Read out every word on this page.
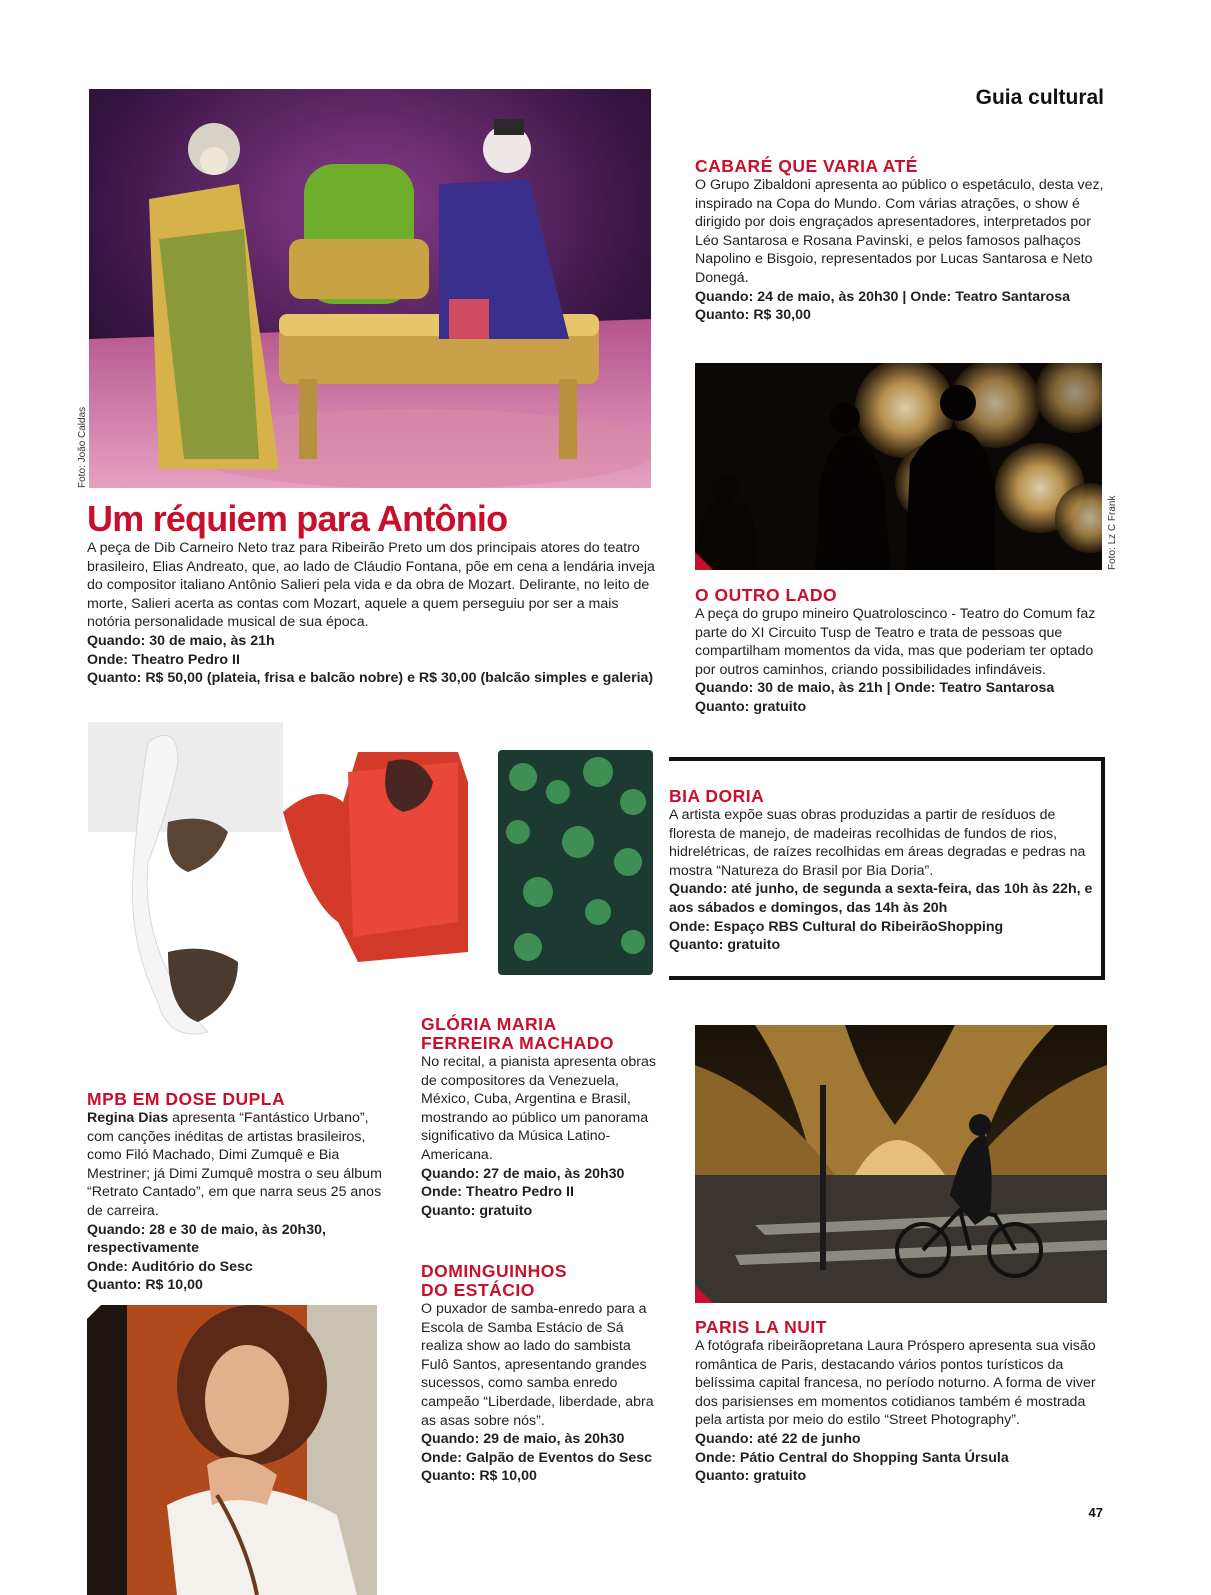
Guia cultural
Foto: João Caldas
Um réquiem para Antônio

A peça de Dib Carneiro Neto traz para Ribeirão Preto um dos principais atores do teatro brasileiro, Elias Andreato, que, ao lado de Cláudio Fontana, põe em cena a lendária inveja do compositor italiano Antônio Salieri pela vida e da obra de Mozart. Delirante, no leito de morte, Salieri acerta as contas com Mozart, aquele a quem perseguiu por ser a mais notória personalidade musical de sua época.

Quando: 30 de maio, às 21h

Onde: Theatro Pedro II

Quanto: R$ 50,00 (plateia, frisa e balcão nobre) e R$ 30,00 (balcão simples e galeria)

CABARÉ QUE VARIA ATÉ

O Grupo Zibaldoni apresenta ao público o espetáculo, desta vez, inspirado na Copa do Mundo. Com várias atrações, o show é dirigido por dois engraçados apresentadores, interpretados por Léo Santarosa e Rosana Pavinski, e pelos famosos palhaços Napolino e Bisgoio, representados por Lucas Santarosa e Neto Donegá.

Quando: 24 de maio, às 20h30 | Onde: Teatro Santarosa

Quanto: R$ 30,00

Foto: Lz C Frank

O OUTRO LADO

A peça do grupo mineiro Quatroloscinco - Teatro do Comum faz parte do XI Circuito Tusp de Teatro e trata de pessoas que compartilham momentos da vida, mas que poderiam ter optado por outros caminhos, criando possibilidades infindáveis.

Quando: 30 de maio, às 21h | Onde: Teatro Santarosa

Quanto: gratuito

BIA DORIA

A artista expõe suas obras produzidas a partir de resíduos de floresta de manejo, de madeiras recolhidas de fundos de rios, hidrelétricas, de raízes recolhidas em áreas degradas e pedras na mostra “Natureza do Brasil por Bia Doria”.

Quando: até junho, de segunda a sexta-feira, das 10h às 22h, e aos sábados e domingos, das 14h às 20h

Onde: Espaço RBS Cultural do RibeirãoShopping

Quanto: gratuito

MPB EM DOSE DUPLA

Regina Dias apresenta “Fantástico Urbano”, com canções inéditas de artistas brasileiros, como Filó Machado, Dimi Zumquê e Bia Mestriner; já Dimi Zumquê mostra o seu álbum “Retrato Cantado”, em que narra seus 25 anos de carreira.

Quando: 28 e 30 de maio, às 20h30, respectivamente

Onde: Auditório do Sesc

Quanto: R$ 10,00

GLÓRIA MARIA

FERREIRA MACHADO

No recital, a pianista apresenta obras de compositores da Venezuela, México, Cuba, Argentina e Brasil, mostrando ao público um panorama significativo da Música Latino-Americana.

Quando: 27 de maio, às 20h30

Onde: Theatro Pedro II

Quanto: gratuito

DOMINGUINHOS

DO ESTÁCIO

O puxador de samba-enredo para a Escola de Samba Estácio de Sá realiza show ao lado do sambista Fulô Santos, apresentando grandes sucessos, como samba enredo campeão “Liberdade, liberdade, abra as asas sobre nós”.

Quando: 29 de maio, às 20h30

Onde: Galpão de Eventos do Sesc

Quanto: R$ 10,00

PARIS LA NUIT

A fotógrafa ribeirãopretana Laura Próspero apresenta sua visão romântica de Paris, destacando vários pontos turísticos da belíssima capital francesa, no período noturno. A forma de viver dos parisienses em momentos cotidianos também é mostrada pela artista por meio do estilo “Street Photography”.

Quando: até 22 de junho

Onde: Pátio Central do Shopping Santa Úrsula

Quanto: gratuito

47
